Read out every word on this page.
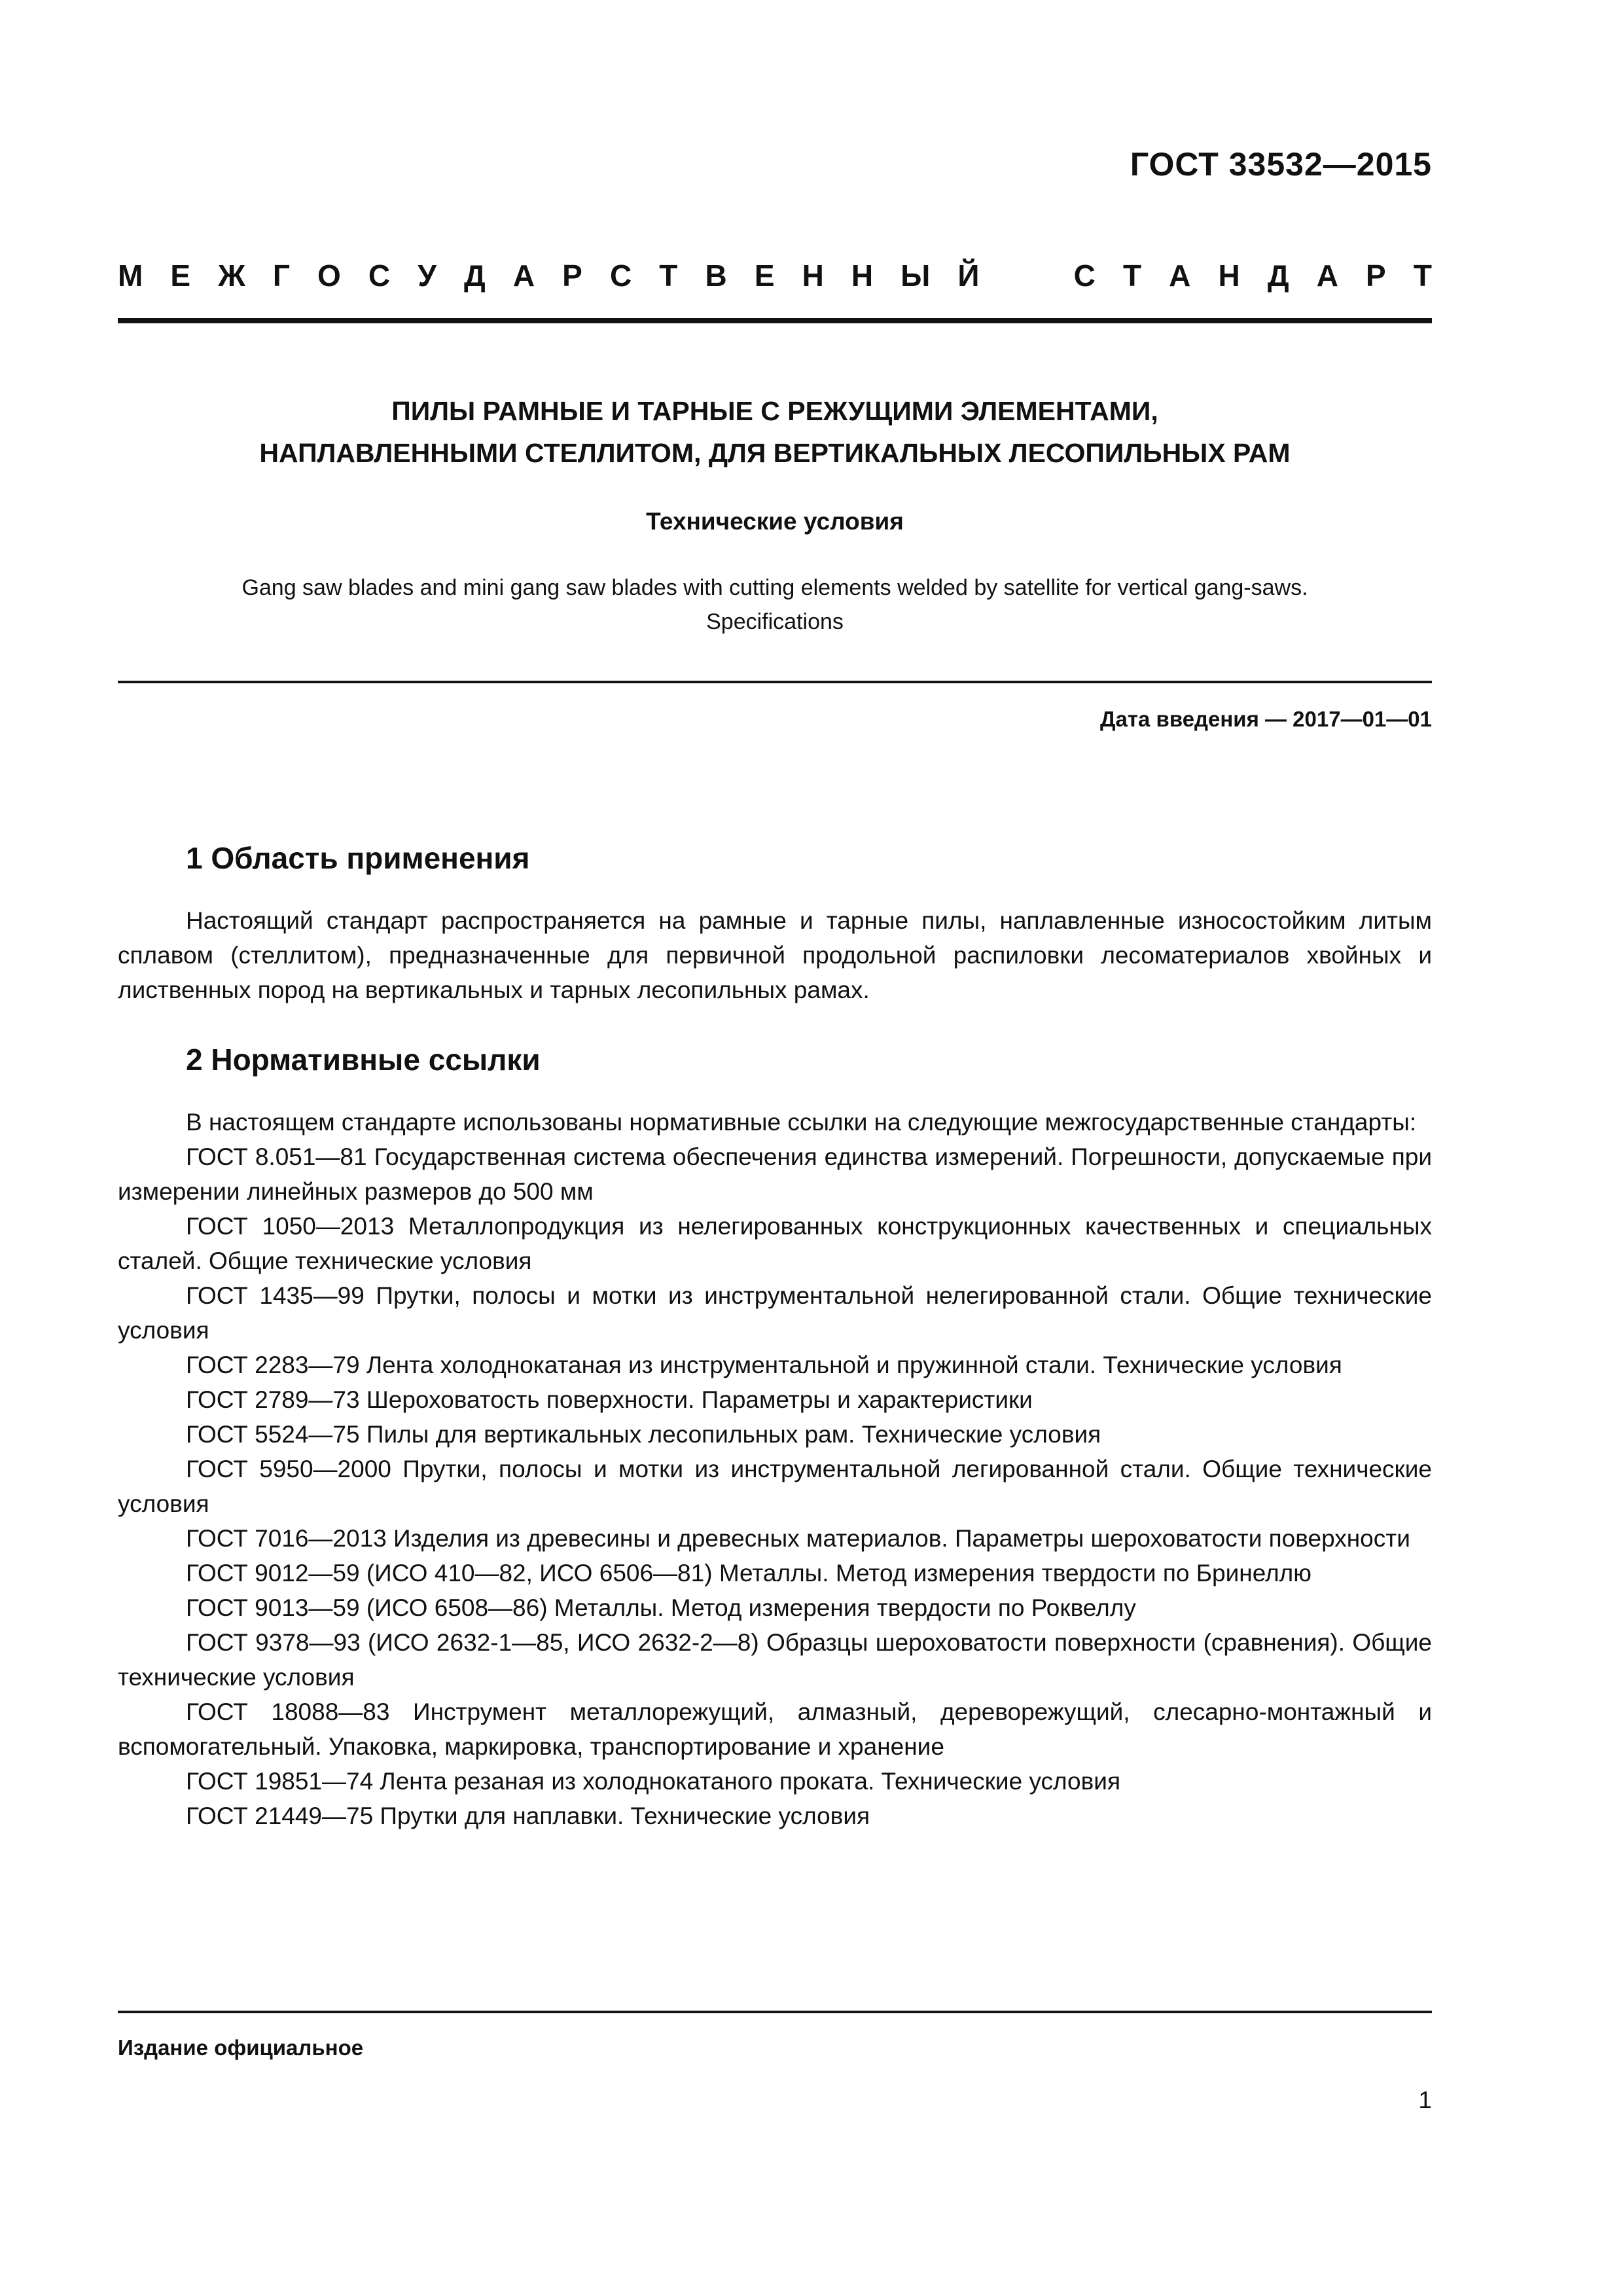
ГОСТ 33532—2015
М Е Ж Г О С У Д А Р С Т В Е Н Н Ы Й	С Т А Н Д А Р Т
ПИЛЫ РАМНЫЕ И ТАРНЫЕ С РЕЖУЩИМИ ЭЛЕМЕНТАМИ,
НАПЛАВЛЕННЫМИ СТЕЛЛИТОМ, ДЛЯ ВЕРТИКАЛЬНЫХ ЛЕСОПИЛЬНЫХ РАМ
Технические условия
Gang saw blades and mini gang saw blades with cutting elements welded by satellite for vertical gang-saws.
Specifications
Дата введения — 2017—01—01
1 Область применения

Настоящий стандарт распространяется на рамные и тарные пилы, наплавленные износостойким литым сплавом (стеллитом), предназначенные для первичной продольной распиловки лесоматериалов хвойных и лиственных пород на вертикальных и тарных лесопильных рамах.

2 Нормативные ссылки

В настоящем стандарте использованы нормативные ссылки на следующие межгосударственные стандарты:

ГОСТ 8.051—81 Государственная система обеспечения единства измерений. Погрешности, допускаемые при измерении линейных размеров до 500 мм

ГОСТ 1050—2013 Металлопродукция из нелегированных конструкционных качественных и специальных сталей. Общие технические условия

ГОСТ 1435—99 Прутки, полосы и мотки из инструментальной нелегированной стали. Общие технические условия

ГОСТ 2283—79 Лента холоднокатаная из инструментальной и пружинной стали. Технические условия

ГОСТ 2789—73 Шероховатость поверхности. Параметры и характеристики

ГОСТ 5524—75 Пилы для вертикальных лесопильных рам. Технические условия

ГОСТ 5950—2000 Прутки, полосы и мотки из инструментальной легированной стали. Общие технические условия

ГОСТ 7016—2013 Изделия из древесины и древесных материалов. Параметры шероховатости поверхности

ГОСТ 9012—59 (ИСО 410—82, ИСО 6506—81) Металлы. Метод измерения твердости по Бринеллю

ГОСТ 9013—59 (ИСО 6508—86) Металлы. Метод измерения твердости по Роквеллу

ГОСТ 9378—93 (ИСО 2632-1—85, ИСО 2632-2—8) Образцы шероховатости поверхности (сравнения). Общие технические условия

ГОСТ 18088—83 Инструмент металлорежущий, алмазный, дереворежущий, слесарно-монтажный и вспомогательный. Упаковка, маркировка, транспортирование и хранение

ГОСТ 19851—74 Лента резаная из холоднокатаного проката. Технические условия

ГОСТ 21449—75 Прутки для наплавки. Технические условия

Издание официальное
1
